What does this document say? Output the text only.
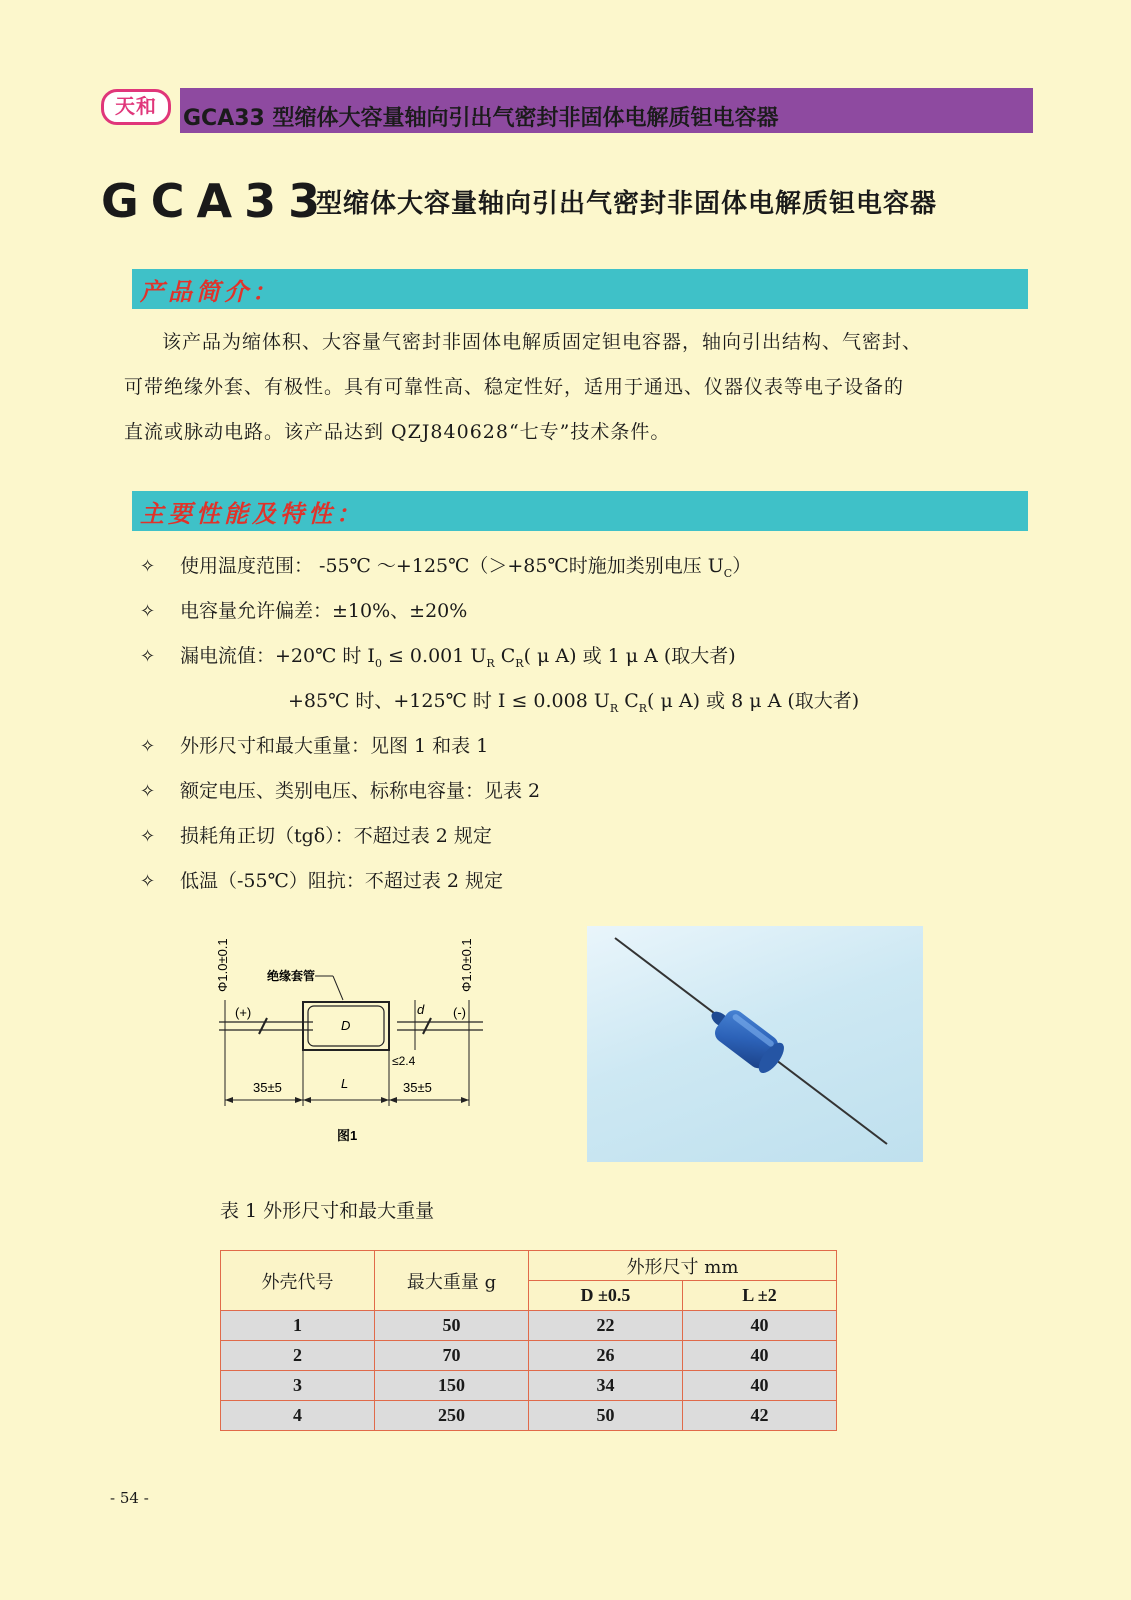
天和	GCA33 型缩体大容量轴向引出气密封非固体电解质钽电容器
GCA33
型缩体大容量轴向引出气密封非固体电解质钽电容器
产品简介：
该产品为缩体积、大容量气密封非固体电解质固定钽电容器，轴向引出结构、气密封、
可带绝缘外套、有极性。具有可靠性高、稳定性好，适用于通迅、仪器仪表等电子设备的
直流或脉动电路。该产品达到 QZJ840628“七专”技术条件。
主要性能及特性：
✧ 使用温度范围： -55℃ ～+125℃（＞+85℃时施加类别电压 $U_C$）
✧ 电容量允许偏差：±10%、±20%
✧ 漏电流值：+20℃ 时 $I_0 \le 0.001$ $U_R$ $C_R$( μ A) 或 1 μ A (取大者)
+85℃ 时、+125℃ 时 I ≤ 0.008 $U_R$ $C_R$( μ A) 或 8 μ A (取大者)
✧ 外形尺寸和最大重量：见图 1 和表 1
✧ 额定电压、类别电压、标称电容量：见表 2
✧ 损耗角正切（tgδ）：不超过表 2 规定
✧ 低温（-55℃）阻抗：不超过表 2 规定
Φ1.0±0.1	Φ1.0±0.1
(+)	(-)
绝缘套管
D
d
≤2.4
35±5	L	35±5
图1
表 1 外形尺寸和最大重量
外壳代号	最大重量 g	外形尺寸 mm	
		D ±0.5	L ±2
1	50	22	40
2	70	26	40
3	150	34	40
4	250	50	42
- 54 -
